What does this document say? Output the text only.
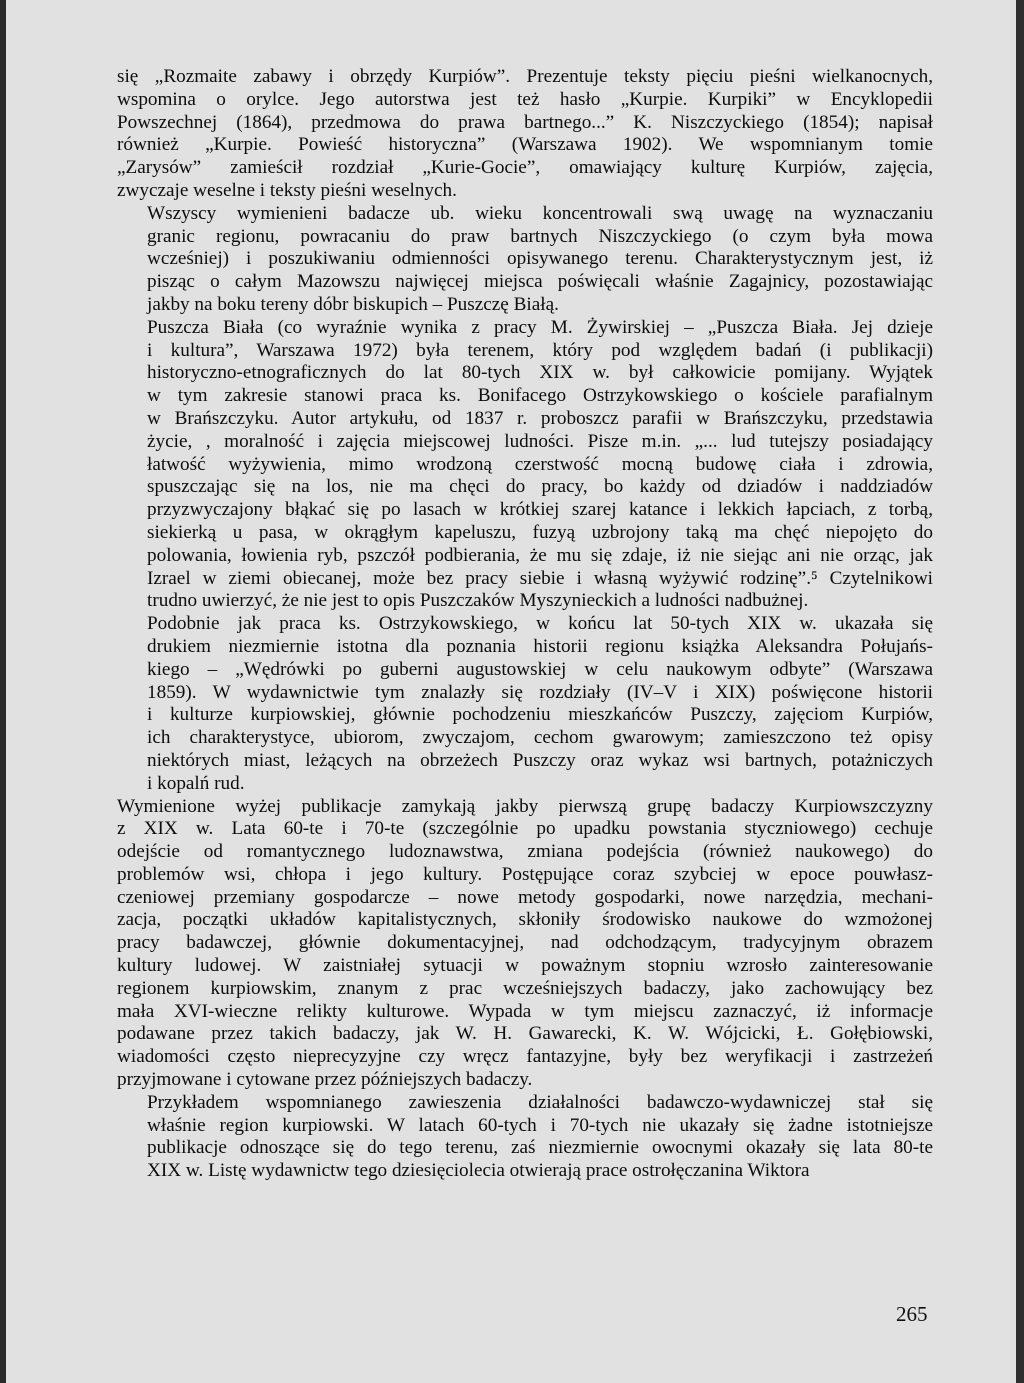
się „Rozmaite zabawy i obrzędy Kurpiów”. Prezentuje teksty pięciu pieśni wielkanocnych,
wspomina o orylce. Jego autorstwa jest też hasło „Kurpie. Kurpiki” w Encyklopedii
Powszechnej (1864), przedmowa do prawa bartnego...” K. Niszczyckiego (1854); napisał
również „Kurpie. Powieść historyczna” (Warszawa 1902). We wspomnianym tomie
„Zarysów” zamieścił rozdział „Kurie-Gocie”, omawiający kulturę Kurpiów, zajęcia,
zwyczaje weselne i teksty pieśni weselnych.

Wszyscy wymienieni badacze ub. wieku koncentrowali swą uwagę na wyznaczaniu
granic regionu, powracaniu do praw bartnych Niszczyckiego (o czym była mowa
wcześniej) i poszukiwaniu odmienności opisywanego terenu. Charakterystycznym jest, iż
pisząc o całym Mazowszu najwięcej miejsca poświęcali właśnie Zagajnicy, pozostawiając
jakby na boku tereny dóbr biskupich – Puszczę Białą.

Puszcza Biała (co wyraźnie wynika z pracy M. Żywirskiej – „Puszcza Biała. Jej dzieje
i kultura”, Warszawa 1972) była terenem, który pod względem badań (i publikacji)
historyczno-etnograficznych do lat 80-tych XIX w. był całkowicie pomijany. Wyjątek
w tym zakresie stanowi praca ks. Bonifacego Ostrzykowskiego o kościele parafialnym
w Brańszczyku. Autor artykułu, od 1837 r. proboszcz parafii w Brańszczyku, przedstawia
życie, , moralność i zajęcia miejscowej ludności. Pisze m.in. „... lud tutejszy posiadający
łatwość wyżywienia, mimo wrodzoną czerstwość mocną budowę ciała i zdrowia,
spuszczając się na los, nie ma chęci do pracy, bo każdy od dziadów i naddziadów
przyzwyczajony błąkać się po lasach w krótkiej szarej katance i lekkich łapciach, z torbą,
siekierką u pasa, w okrągłym kapeluszu, fuzyą uzbrojony taką ma chęć niepojęto do
polowania, łowienia ryb, pszczół podbierania, że mu się zdaje, iż nie siejąc ani nie orząc, jak
Izrael w ziemi obiecanej, może bez pracy siebie i własną wyżywić rodzinę”.⁵ Czytelnikowi
trudno uwierzyć, że nie jest to opis Puszczaków Myszynieckich a ludności nadbużnej.

Podobnie jak praca ks. Ostrzykowskiego, w końcu lat 50-tych XIX w. ukazała się
drukiem niezmiernie istotna dla poznania historii regionu książka Aleksandra Połujańs-
kiego – „Wędrówki po guberni augustowskiej w celu naukowym odbyte” (Warszawa
1859). W wydawnictwie tym znalazły się rozdziały (IV–V i XIX) poświęcone historii
i kulturze kurpiowskiej, głównie pochodzeniu mieszkańców Puszczy, zajęciom Kurpiów,
ich charakterystyce, ubiorom, zwyczajom, cechom gwarowym; zamieszczono też opisy
niektórych miast, leżących na obrzeżech Puszczy oraz wykaz wsi bartnych, potażniczych
i kopalń rud.

Wymienione wyżej publikacje zamykają jakby pierwszą grupę badaczy Kurpiowszczyzny
z XIX w. Lata 60-te i 70-te (szczególnie po upadku powstania styczniowego) cechuje
odejście od romantycznego ludoznawstwa, zmiana podejścia (również naukowego) do
problemów wsi, chłopa i jego kultury. Postępujące coraz szybciej w epoce pouwłasz-
czeniowej przemiany gospodarcze – nowe metody gospodarki, nowe narzędzia, mechani-
zacja, początki układów kapitalistycznych, skłoniły środowisko naukowe do wzmożonej
pracy badawczej, głównie dokumentacyjnej, nad odchodzącym, tradycyjnym obrazem
kultury ludowej. W zaistniałej sytuacji w poważnym stopniu wzrosło zainteresowanie
regionem kurpiowskim, znanym z prac wcześniejszych badaczy, jako zachowujący bez
mała XVI-wieczne relikty kulturowe. Wypada w tym miejscu zaznaczyć, iż informacje
podawane przez takich badaczy, jak W. H. Gawarecki, K. W. Wójcicki, Ł. Gołębiowski,
wiadomości często nieprecyzyjne czy wręcz fantazyjne, były bez weryfikacji i zastrzeżeń
przyjmowane i cytowane przez późniejszych badaczy.

Przykładem wspomnianego zawieszenia działalności badawczo-wydawniczej stał się
właśnie region kurpiowski. W latach 60-tych i 70-tych nie ukazały się żadne istotniejsze
publikacje odnoszące się do tego terenu, zaś niezmiernie owocnymi okazały się lata 80-te
XIX w. Listę wydawnictw tego dziesięciolecia otwierają prace ostrołęczanina Wiktora

265
